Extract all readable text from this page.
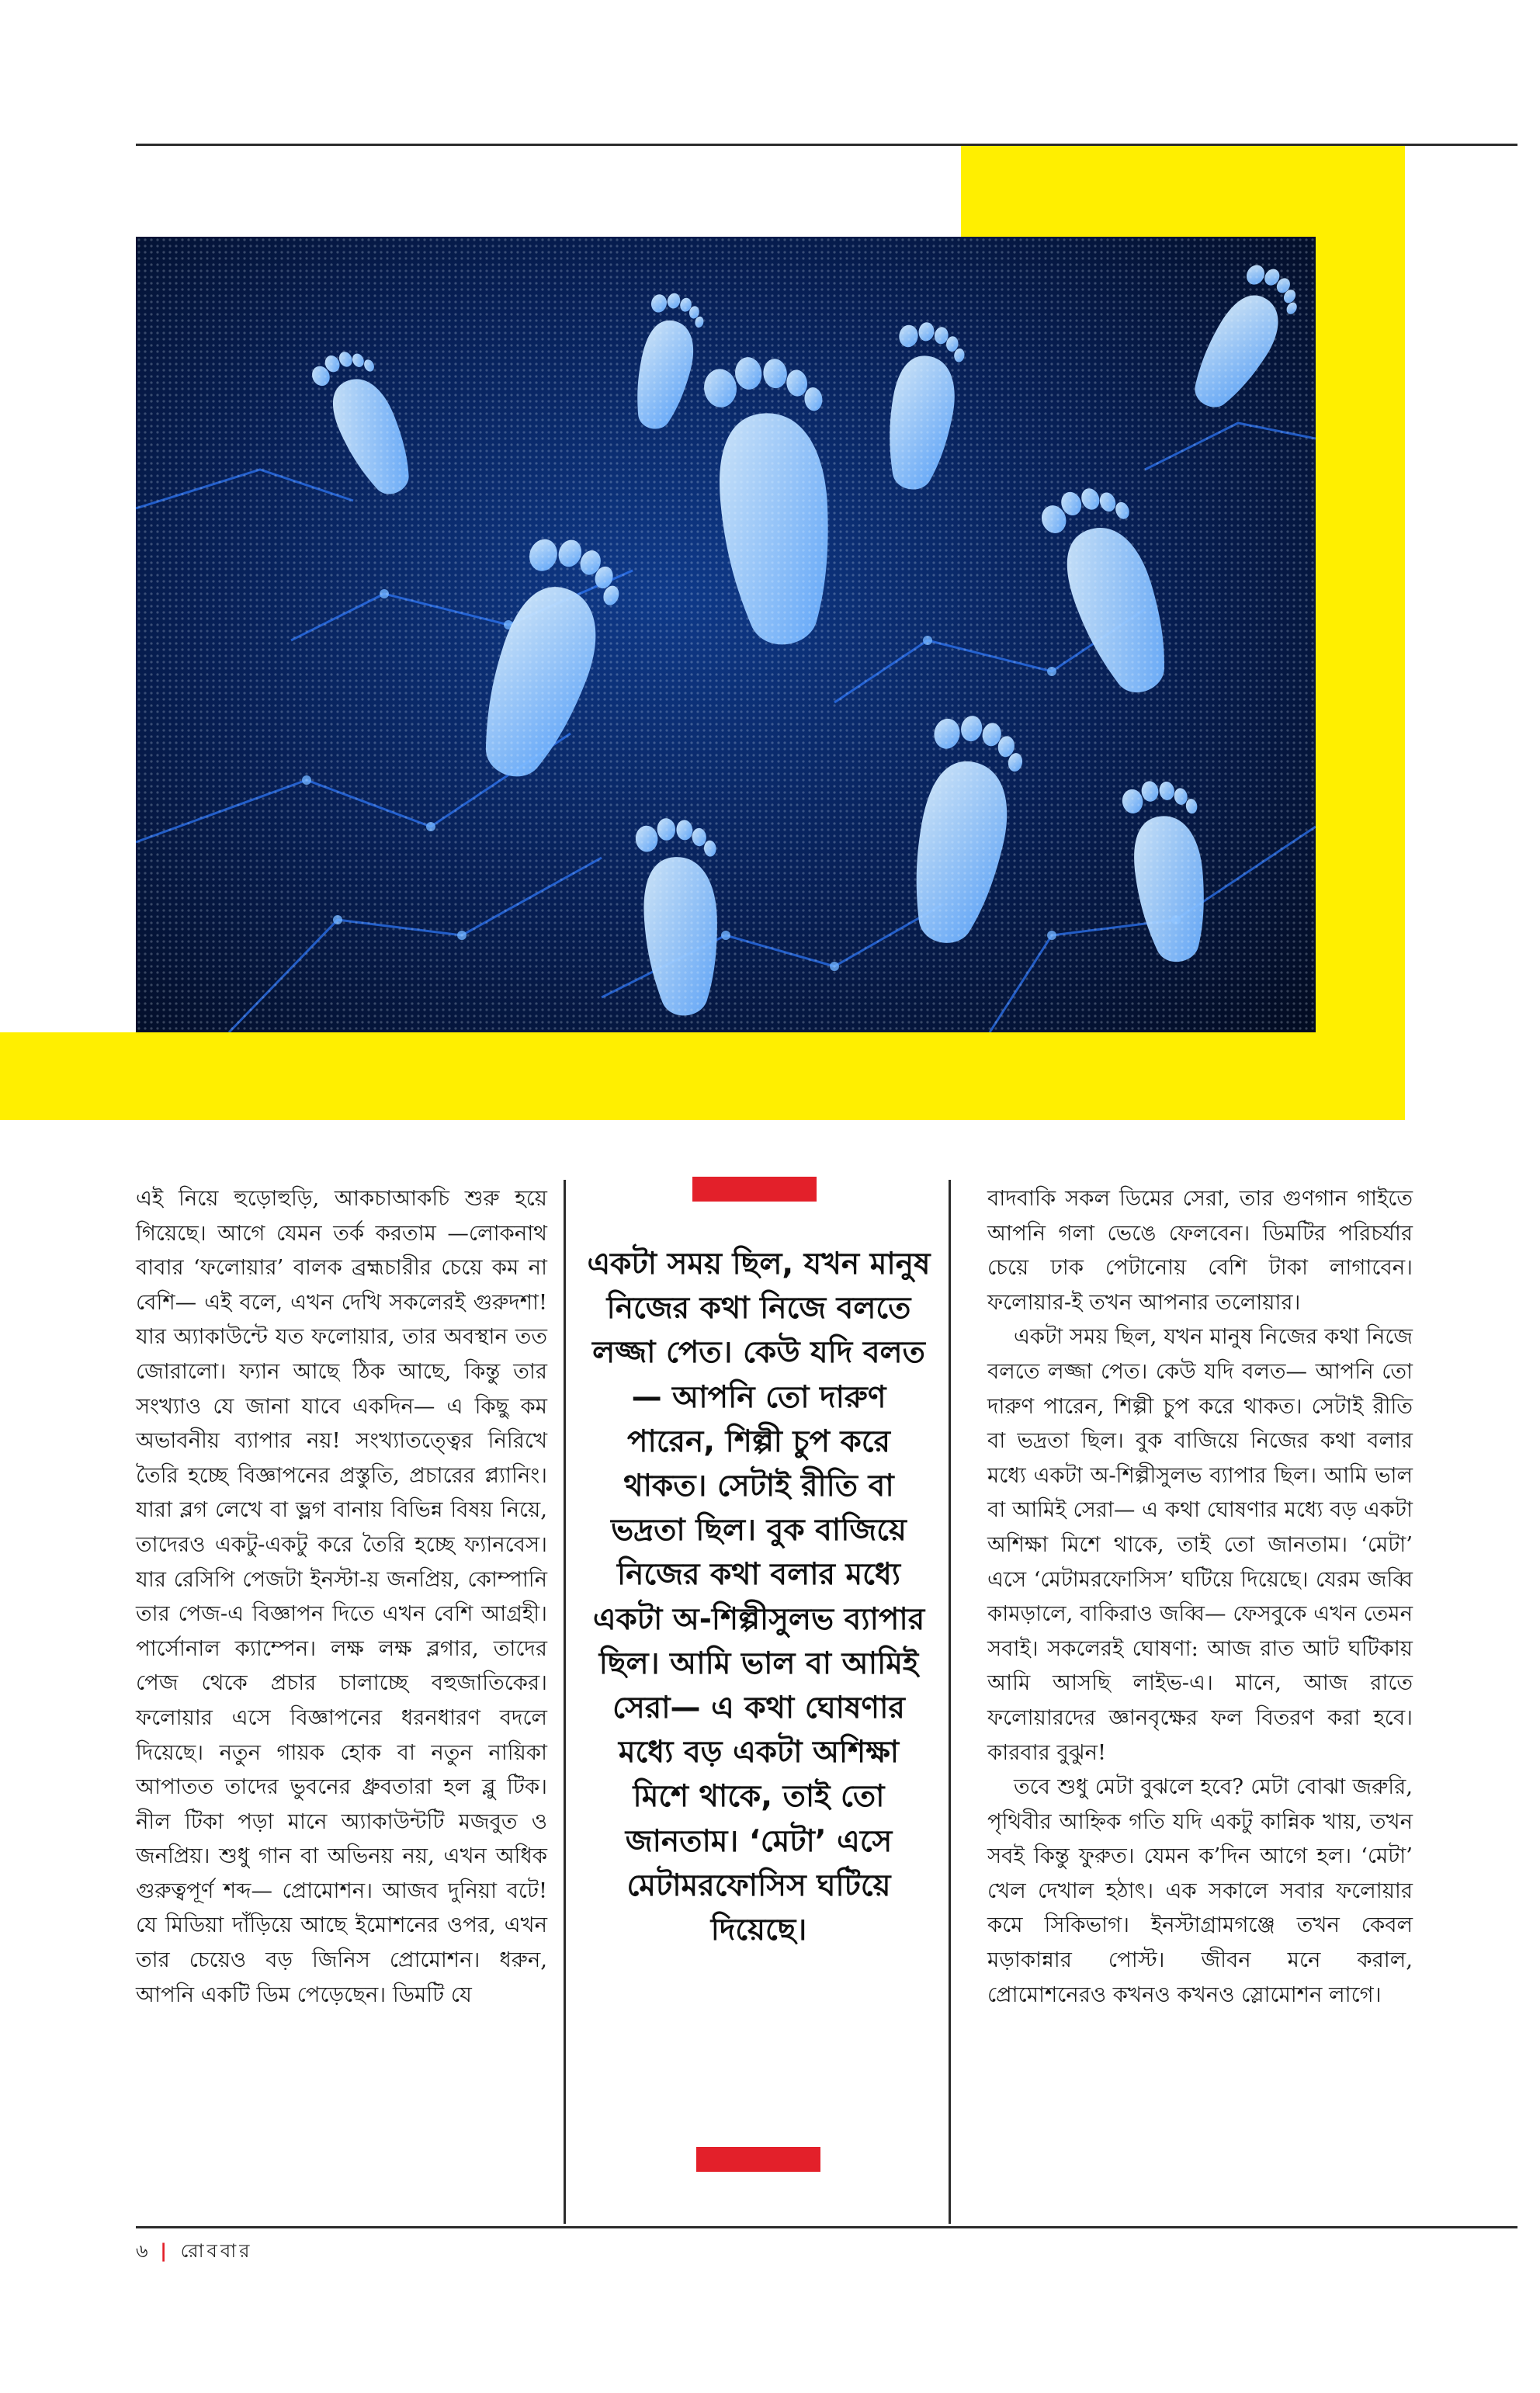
এই নিয়ে হুড়োহুড়ি, আকচাআকচি শুরু হয়ে গিয়েছে। আগে যেমন তর্ক করতাম —লোকনাথ বাবার ‘ফলোয়ার’ বালক ব্রহ্মচারীর চেয়ে কম না বেশি— এই বলে, এখন দেখি সকলেরই গুরুদশা! যার অ্যাকাউন্টে যত ফলোয়ার, তার অবস্থান তত জোরালো। ফ্যান আছে ঠিক আছে, কিন্তু তার সংখ্যাও যে জানা যাবে একদিন— এ কিছু কম অভাবনীয় ব্যাপার নয়! সংখ্যাতত্ত্বের নিরিখে তৈরি হচ্ছে বিজ্ঞাপনের প্রস্তুতি, প্রচারের প্ল্যানিং। যারা ব্লগ লেখে বা ভ্লগ বানায় বিভিন্ন বিষয় নিয়ে, তাদেরও একটু-একটু করে তৈরি হচ্ছে ফ্যানবেস। যার রেসিপি পেজটা ইনস্টা-য় জনপ্রিয়, কোম্পানি তার পেজ-এ বিজ্ঞাপন দিতে এখন বেশি আগ্রহী। পার্সোনাল ক্যাম্পেন। লক্ষ লক্ষ ব্লগার, তাদের পেজ থেকে প্রচার চালাচ্ছে বহুজাতিকের। ফলোয়ার এসে বিজ্ঞাপনের ধরনধারণ বদলে দিয়েছে। নতুন গায়ক হোক বা নতুন নায়িকা আপাতত তাদের ভুবনের ধ্রুবতারা হল ব্লু টিক। নীল টিকা পড়া মানে অ্যাকাউন্টটি মজবুত ও জনপ্রিয়। শুধু গান বা অভিনয় নয়, এখন অধিক গুরুত্বপূর্ণ শব্দ— প্রোমোশন। আজব দুনিয়া বটে! যে মিডিয়া দাঁড়িয়ে আছে ইমোশনের ওপর, এখন তার চেয়েও বড় জিনিস প্রোমোশন। ধরুন, আপনি একটি ডিম পেড়েছেন। ডিমটি যে

একটা সময় ছিল, যখন মানুষ নিজের কথা নিজে বলতে লজ্জা পেত। কেউ যদি বলত— আপনি তো দারুণ পারেন, শিল্পী চুপ করে থাকত। সেটাই রীতি বা ভদ্রতা ছিল। বুক বাজিয়ে নিজের কথা বলার মধ্যে একটা অ-শিল্পীসুলভ ব্যাপার ছিল। আমি ভাল বা আমিই সেরা— এ কথা ঘোষণার মধ্যে বড় একটা অশিক্ষা মিশে থাকে, তাই তো জানতাম। ‘মেটা’ এসে মেটামরফোসিস ঘটিয়ে দিয়েছে।

বাদবাকি সকল ডিমের সেরা, তার গুণগান গাইতে আপনি গলা ভেঙে ফেলবেন। ডিমটির পরিচর্যার চেয়ে ঢাক পেটানোয় বেশি টাকা লাগাবেন। ফলোয়ার-ই তখন আপনার তলোয়ার।

একটা সময় ছিল, যখন মানুষ নিজের কথা নিজে বলতে লজ্জা পেত। কেউ যদি বলত— আপনি তো দারুণ পারেন, শিল্পী চুপ করে থাকত। সেটাই রীতি বা ভদ্রতা ছিল। বুক বাজিয়ে নিজের কথা বলার মধ্যে একটা অ-শিল্পীসুলভ ব্যাপার ছিল। আমি ভাল বা আমিই সেরা— এ কথা ঘোষণার মধ্যে বড় একটা অশিক্ষা মিশে থাকে, তাই তো জানতাম। ‘মেটা’ এসে ‘মেটামরফোসিস’ ঘটিয়ে দিয়েছে। যেরম জব্বি কামড়ালে, বাকিরাও জব্বি— ফেসবুকে এখন তেমন সবাই। সকলেরই ঘোষণা: আজ রাত আট ঘটিকায় আমি আসছি লাইভ-এ। মানে, আজ রাতে ফলোয়ারদের জ্ঞানবৃক্ষের ফল বিতরণ করা হবে। কারবার বুঝুন!

তবে শুধু মেটা বুঝলে হবে? মেটা বোঝা জরুরি, পৃথিবীর আহ্নিক গতি যদি একটু কান্নিক খায়, তখন সবই কিন্তু ফুরুত। যেমন ক’দিন আগে হল। ‘মেটা’ খেল দেখাল হঠাৎ। এক সকালে সবার ফলোয়ার কমে সিকিভাগ। ইনস্টাগ্রামগঞ্জে তখন কেবল মড়াকান্নার পোস্ট। জীবন মনে করাল, প্রোমোশনেরও কখনও কখনও স্লোমোশন লাগে।

৬ | রোববার
